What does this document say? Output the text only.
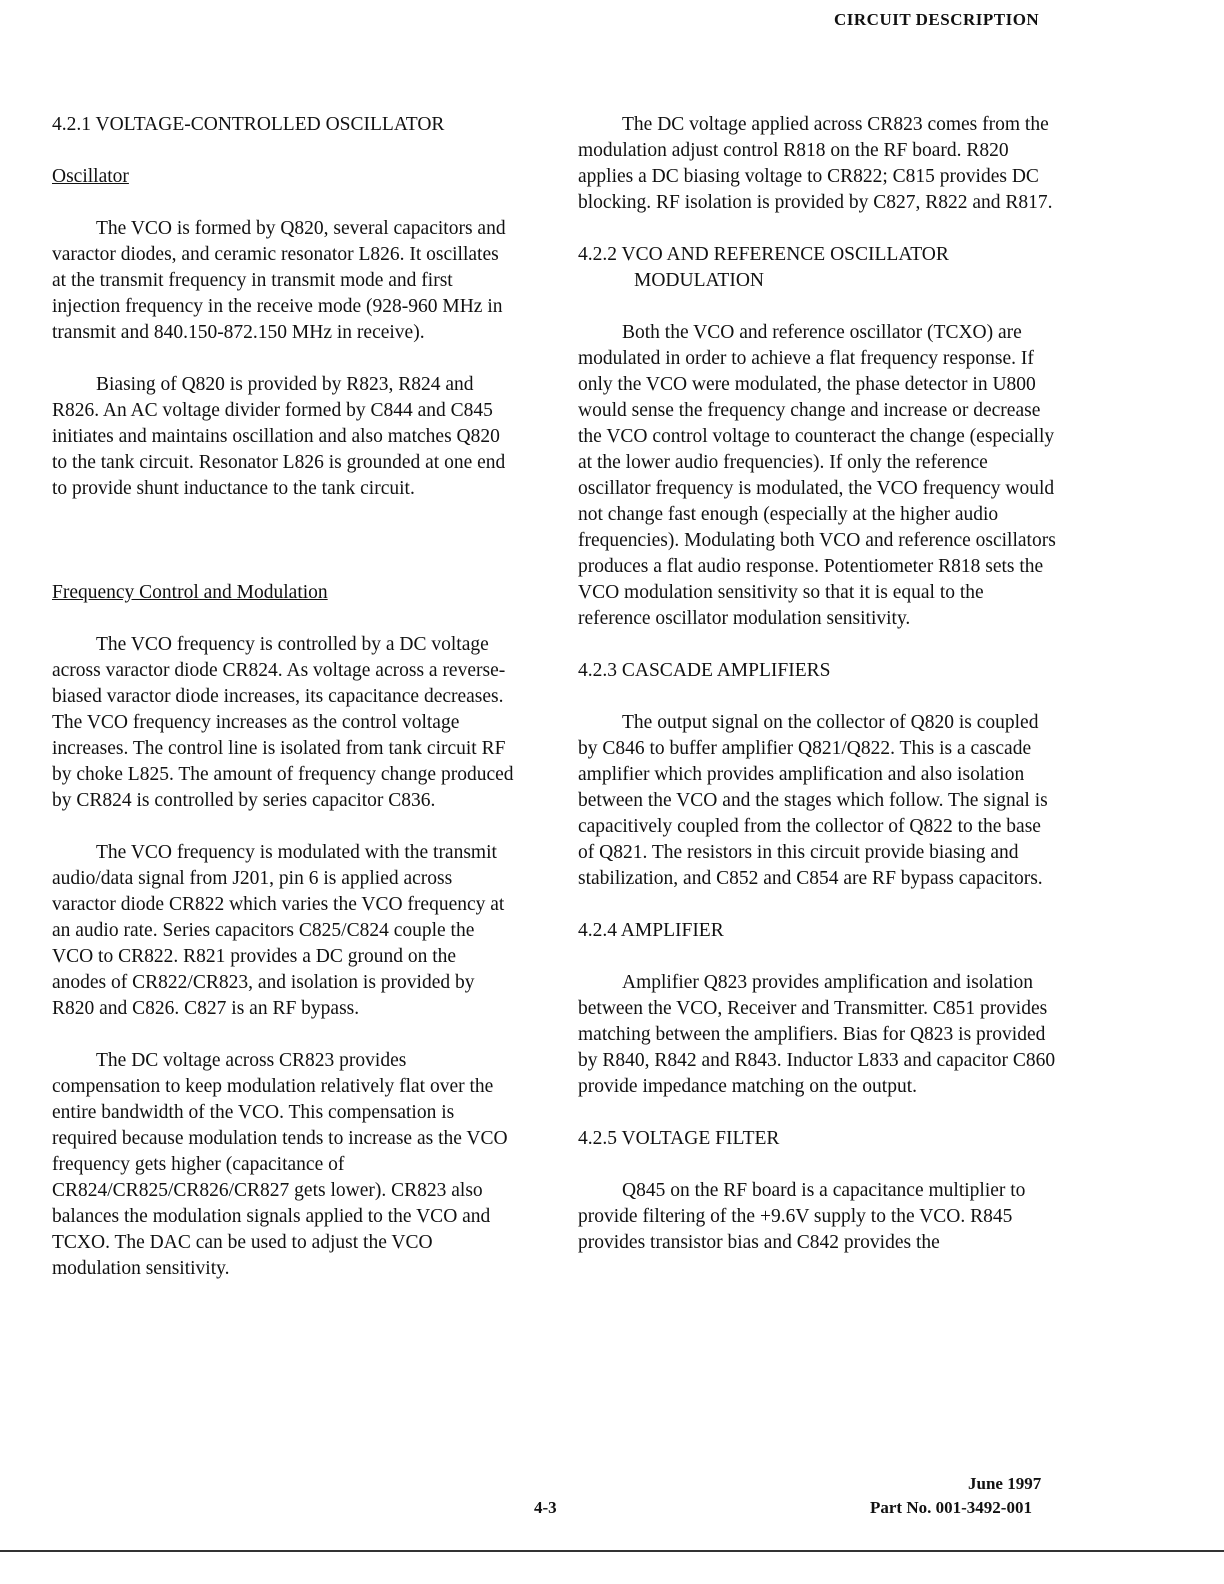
CIRCUIT DESCRIPTION
4.2.1 VOLTAGE-CONTROLLED OSCILLATOR
Oscillator

The VCO is formed by Q820, several capacitors and varactor diodes, and ceramic resonator L826. It oscillates at the transmit frequency in transmit mode and first injection frequency in the receive mode (928-960 MHz in transmit and 840.150-872.150 MHz in receive).

Biasing of Q820 is provided by R823, R824 and R826. An AC voltage divider formed by C844 and C845 initiates and maintains oscillation and also matches Q820 to the tank circuit. Resonator L826 is grounded at one end to provide shunt inductance to the tank circuit.

Frequency Control and Modulation

The VCO frequency is controlled by a DC voltage across varactor diode CR824. As voltage across a reverse-biased varactor diode increases, its capacitance decreases. The VCO frequency increases as the control voltage increases. The control line is isolated from tank circuit RF by choke L825. The amount of frequency change produced by CR824 is controlled by series capacitor C836.

The VCO frequency is modulated with the transmit audio/data signal from J201, pin 6 is applied across varactor diode CR822 which varies the VCO frequency at an audio rate. Series capacitors C825/C824 couple the VCO to CR822. R821 provides a DC ground on the anodes of CR822/CR823, and isolation is provided by R820 and C826. C827 is an RF bypass.

The DC voltage across CR823 provides compensation to keep modulation relatively flat over the entire bandwidth of the VCO. This compensation is required because modulation tends to increase as the VCO frequency gets higher (capacitance of CR824/CR825/CR826/CR827 gets lower). CR823 also balances the modulation signals applied to the VCO and TCXO. The DAC can be used to adjust the VCO modulation sensitivity.

The DC voltage applied across CR823 comes from the modulation adjust control R818 on the RF board. R820 applies a DC biasing voltage to CR822; C815 provides DC blocking. RF isolation is provided by C827, R822 and R817.

4.2.2 VCO AND REFERENCE OSCILLATOR
MODULATION

Both the VCO and reference oscillator (TCXO) are modulated in order to achieve a flat frequency response. If only the VCO were modulated, the phase detector in U800 would sense the frequency change and increase or decrease the VCO control voltage to counteract the change (especially at the lower audio frequencies). If only the reference oscillator frequency is modulated, the VCO frequency would not change fast enough (especially at the higher audio frequencies). Modulating both VCO and reference oscillators produces a flat audio response. Potentiometer R818 sets the VCO modulation sensitivity so that it is equal to the reference oscillator modulation sensitivity.

4.2.3 CASCADE AMPLIFIERS

The output signal on the collector of Q820 is coupled by C846 to buffer amplifier Q821/Q822. This is a cascade amplifier which provides amplification and also isolation between the VCO and the stages which follow. The signal is capacitively coupled from the collector of Q822 to the base of Q821. The resistors in this circuit provide biasing and stabilization, and C852 and C854 are RF bypass capacitors.

4.2.4 AMPLIFIER

Amplifier Q823 provides amplification and isolation between the VCO, Receiver and Transmitter. C851 provides matching between the amplifiers. Bias for Q823 is provided by R840, R842 and R843. Inductor L833 and capacitor C860 provide impedance matching on the output.

4.2.5 VOLTAGE FILTER

Q845 on the RF board is a capacitance multiplier to provide filtering of the +9.6V supply to the VCO. R845 provides transistor bias and C842 provides the

4-3
June 1997
Part No. 001-3492-001
